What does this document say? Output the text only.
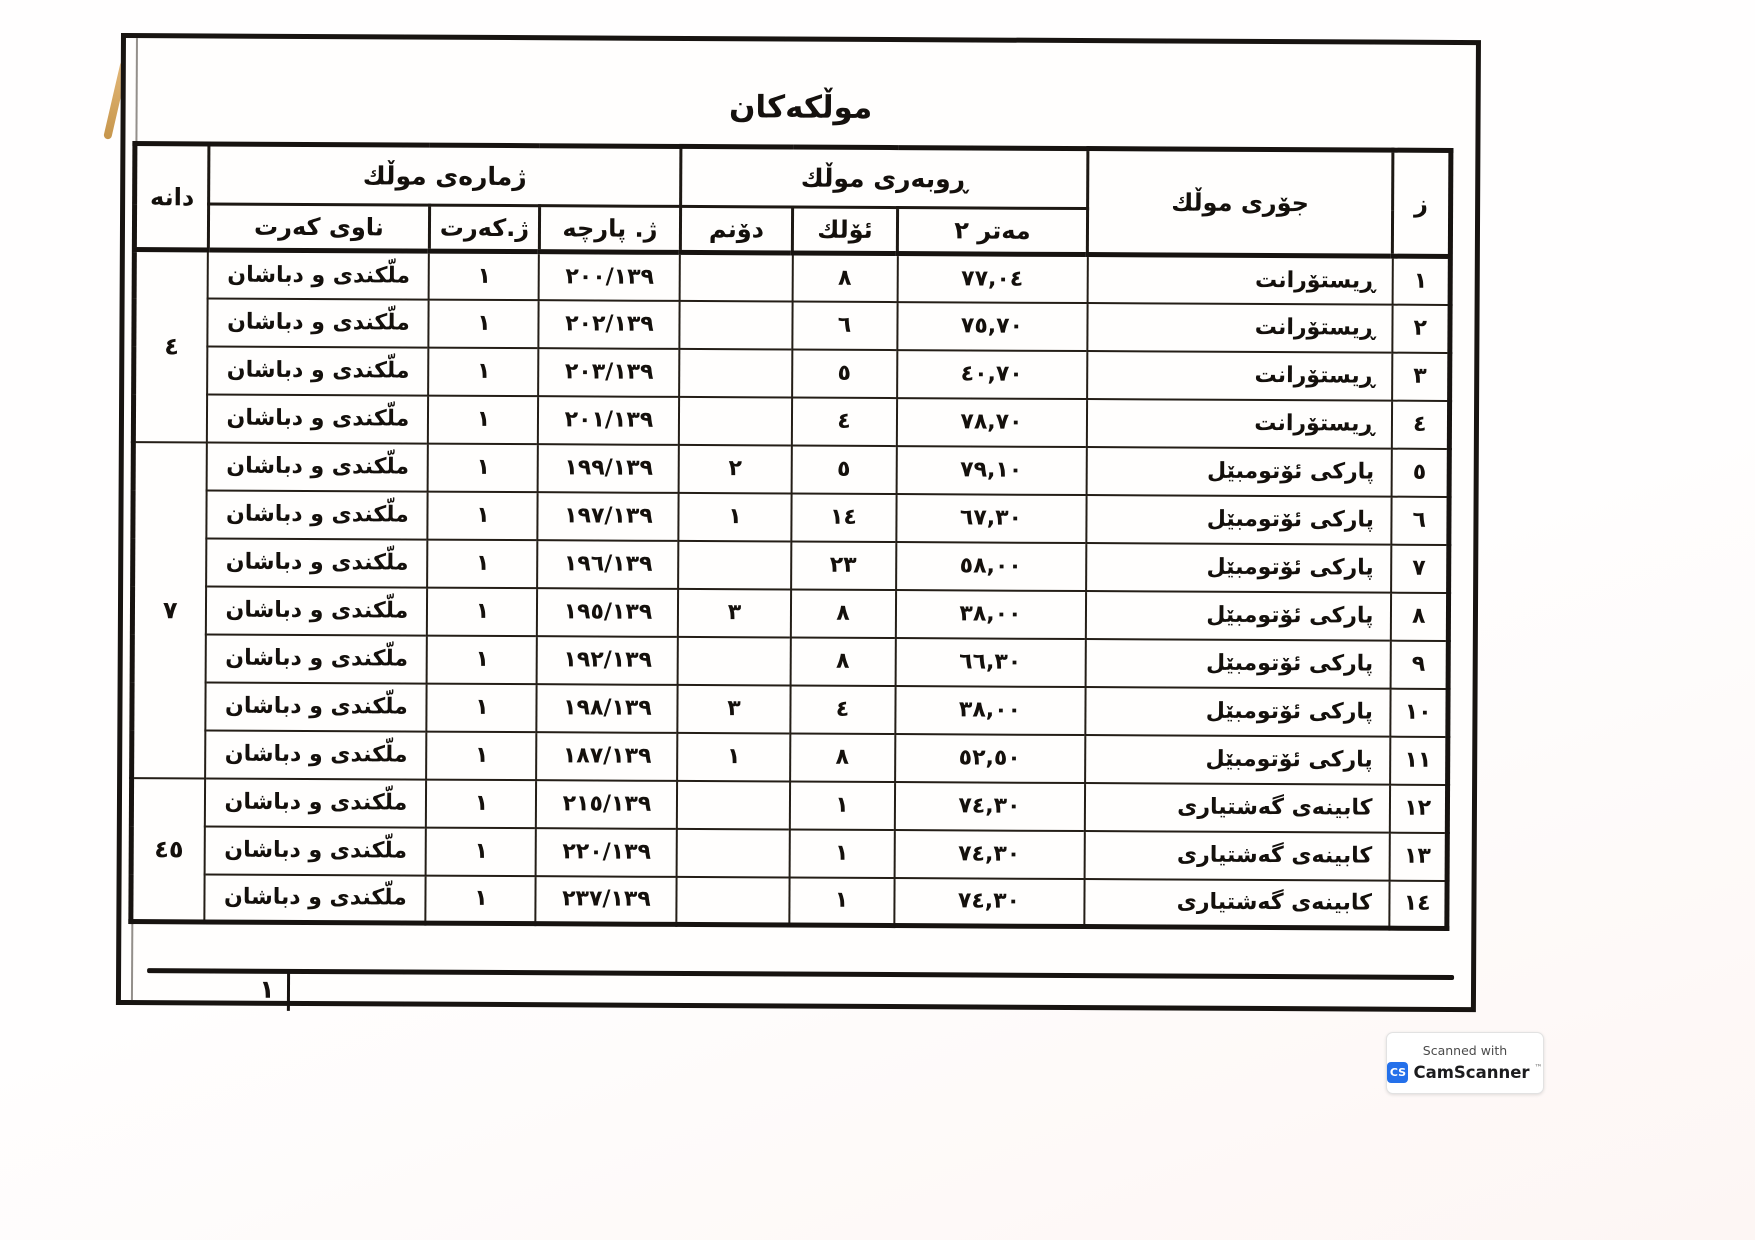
موڵكەكان
ز	جۆری موڵك	ڕوبەری موڵك			ژمارەی موڵك			دانە
		مەتر ٢	ئۆلك	دۆنم	ژ. پارچە	ژ.كەرت	ناوی كەرت	
١	ڕیستۆرانت	٧٧,٠٤	٨		٢٠٠/١٣٩	١	ملّكندی و دباشان	٤
٢	ڕیستۆرانت	٧٥,٧٠	٦		٢٠٢/١٣٩	١	ملّكندی و دباشان	
٣	ڕیستۆرانت	٤٠,٧٠	٥		٢٠٣/١٣٩	١	ملّكندی و دباشان	
٤	ڕیستۆرانت	٧٨,٧٠	٤		٢٠١/١٣٩	١	ملّكندی و دباشان	
٥	پارکی ئۆتومبێل	٧٩,١٠	٥	٢	١٩٩/١٣٩	١	ملّكندی و دباشان	٧
٦	پارکی ئۆتومبێل	٦٧,٣٠	١٤	١	١٩٧/١٣٩	١	ملّكندی و دباشان	
٧	پارکی ئۆتومبێل	٥٨,٠٠	٢٣		١٩٦/١٣٩	١	ملّكندی و دباشان	
٨	پارکی ئۆتومبێل	٣٨,٠٠	٨	٣	١٩٥/١٣٩	١	ملّكندی و دباشان	
٩	پارکی ئۆتومبێل	٦٦,٣٠	٨		١٩٢/١٣٩	١	ملّكندی و دباشان	
١٠	پارکی ئۆتومبێل	٣٨,٠٠	٤	٣	١٩٨/١٣٩	١	ملّكندی و دباشان	
١١	پارکی ئۆتومبێل	٥٢,٥٠	٨	١	١٨٧/١٣٩	١	ملّكندی و دباشان	
١٢	كابینەی گەشتیاری	٧٤,٣٠	١		٢١٥/١٣٩	١	ملّكندی و دباشان	٤٥
١٣	كابینەی گەشتیاری	٧٤,٣٠	١		٢٢٠/١٣٩	١	ملّكندی و دباشان	
١٤	كابینەی گەشتیاری	٧٤,٣٠	١		٢٣٧/١٣٩	١	ملّكندی و دباشان	
١
Scanned with
CS CamScanner ™
